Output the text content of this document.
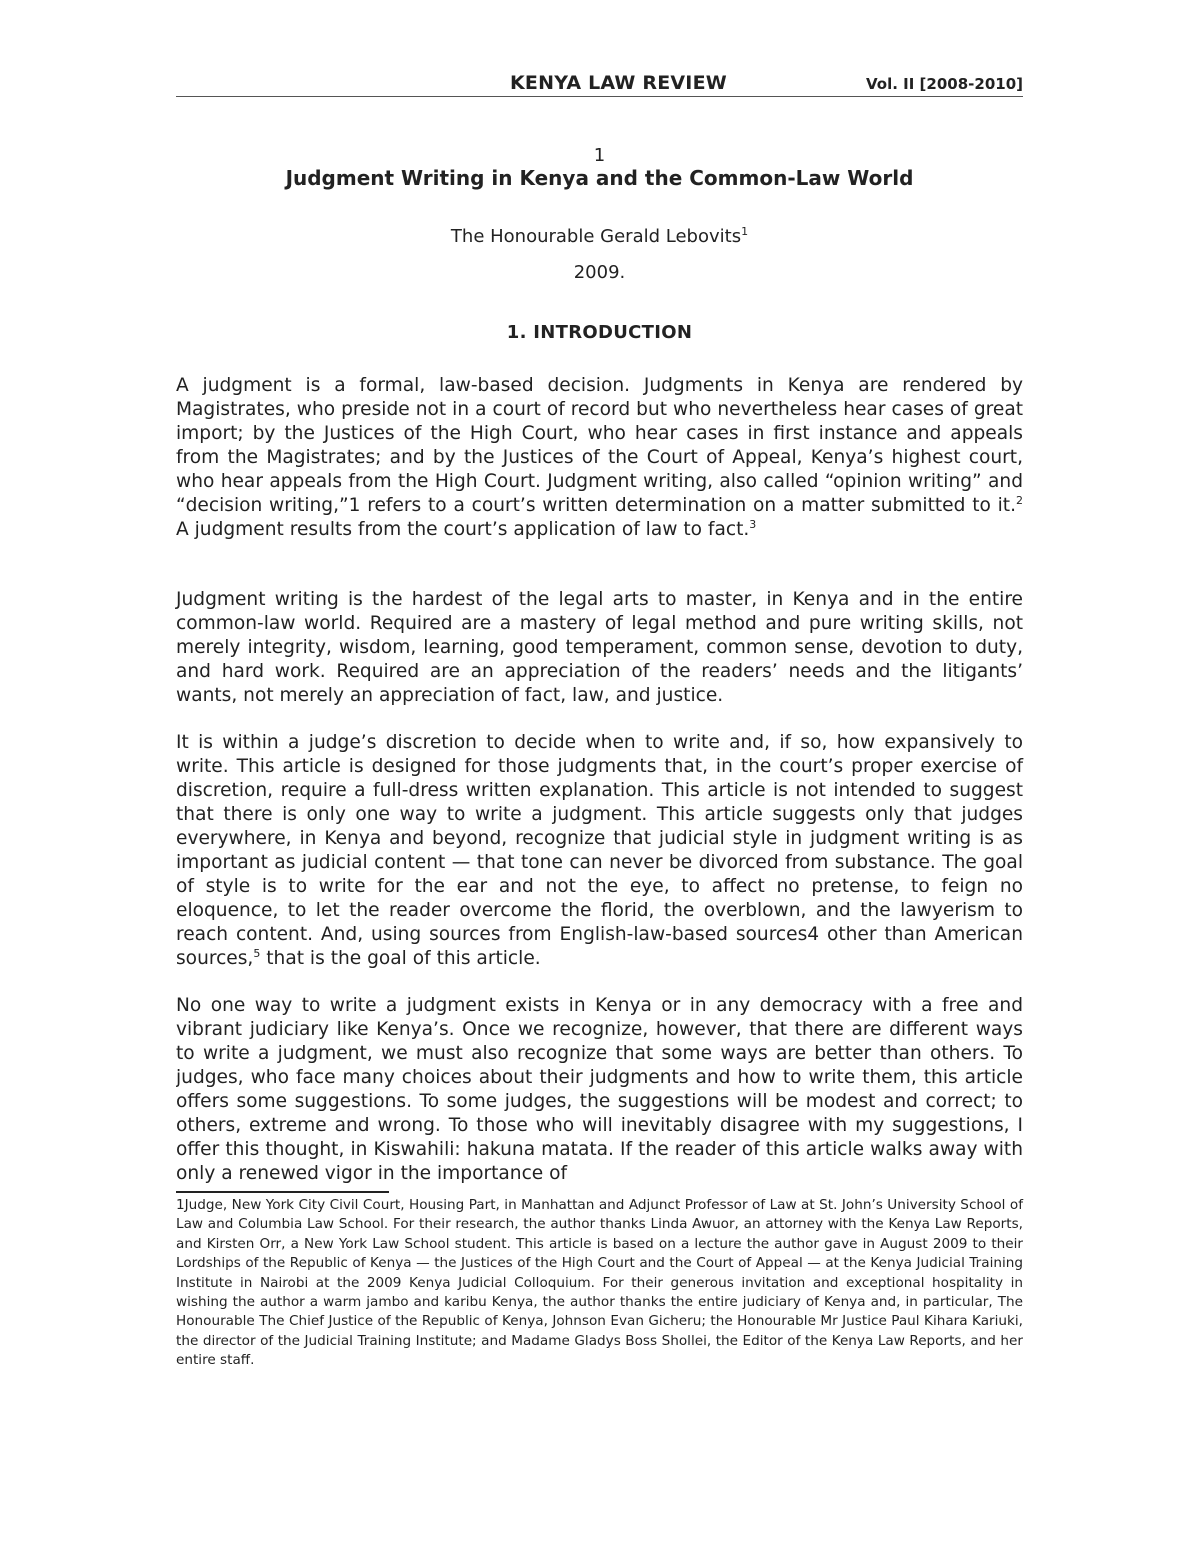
KENYA LAW REVIEW	Vol. II [2008-2010]
1
Judgment Writing in Kenya and the Common-Law World
The Honourable Gerald Lebovits$^1$
2009.
1. INTRODUCTION

A judgment is a formal, law-based decision. Judgments in Kenya are rendered by Magistrates, who preside not in a court of record but who nevertheless hear cases of great import; by the Justices of the High Court, who hear cases in first instance and appeals from the Magistrates; and by the Justices of the Court of Appeal, Kenya’s highest court, who hear appeals from the High Court. Judgment writing, also called “opinion writing” and “decision writing,”1 refers to a court’s written determination on a matter submitted to it.$^2$ A judgment results from the court’s application of law to fact.$^3$

Judgment writing is the hardest of the legal arts to master, in Kenya and in the entire common-law world. Required are a mastery of legal method and pure writing skills, not merely integrity, wisdom, learning, good temperament, common sense, devotion to duty, and hard work. Required are an appreciation of the readers’ needs and the litigants’ wants, not merely an appreciation of fact, law, and justice.

It is within a judge’s discretion to decide when to write and, if so, how expansively to write. This article is designed for those judgments that, in the court’s proper exercise of discretion, require a full-dress written explanation. This article is not intended to suggest that there is only one way to write a judgment. This article suggests only that judges everywhere, in Kenya and beyond, recognize that judicial style in judgment writing is as important as judicial content — that tone can never be divorced from substance. The goal of style is to write for the ear and not the eye, to affect no pretense, to feign no eloquence, to let the reader overcome the florid, the overblown, and the lawyerism to reach content. And, using sources from English-law-based sources4 other than American sources,$^5$ that is the goal of this article.

No one way to write a judgment exists in Kenya or in any democracy with a free and vibrant judiciary like Kenya’s. Once we recognize, however, that there are different ways to write a judgment, we must also recognize that some ways are better than others. To judges, who face many choices about their judgments and how to write them, this article offers some suggestions. To some judges, the suggestions will be modest and correct; to others, extreme and wrong. To those who will inevitably disagree with my suggestions, I offer this thought, in Kiswahili: hakuna matata. If the reader of this article walks away with only a renewed vigor in the importance of

1Judge, New York City Civil Court, Housing Part, in Manhattan and Adjunct Professor of Law at St. John’s University School of Law and Columbia Law School. For their research, the author thanks Linda Awuor, an attorney with the Kenya Law Reports, and Kirsten Orr, a New York Law School student. This article is based on a lecture the author gave in August 2009 to their Lordships of the Republic of Kenya — the Justices of the High Court and the Court of Appeal — at the Kenya Judicial Training Institute in Nairobi at the 2009 Kenya Judicial Colloquium. For their generous invitation and exceptional hospitality in wishing the author a warm jambo and karibu Kenya, the author thanks the entire judiciary of Kenya and, in particular, The Honourable The Chief Justice of the Republic of Kenya, Johnson Evan Gicheru; the Honourable Mr Justice Paul Kihara Kariuki, the director of the Judicial Training Institute; and Madame Gladys Boss Shollei, the Editor of the Kenya Law Reports, and her entire staff.
